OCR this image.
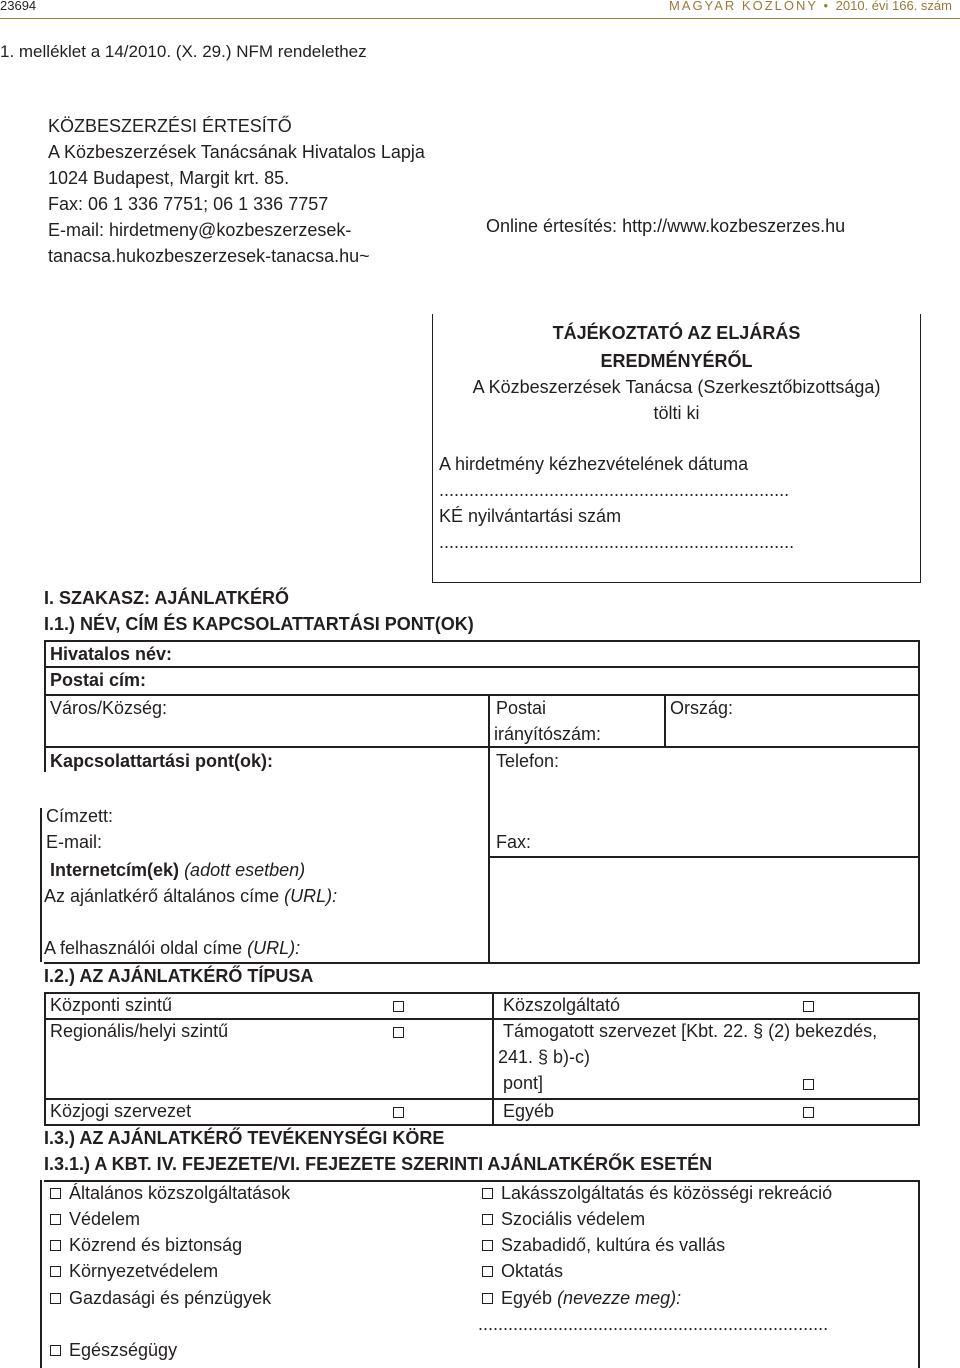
23694	MAGYAR KÖZLÖNY • 2010. évi 166. szám
1. melléklet a 14/2010. (X. 29.) NFM rendelethez
KÖZBESZERZÉSI ÉRTESÍTŐ
A Közbeszerzések Tanácsának Hivatalos Lapja
1024 Budapest, Margit krt. 85.
Fax: 06 1 336 7751; 06 1 336 7757
E-mail: hirdetmeny@kozbeszerzesek-
tanacsa.hukozbeszerzesek-tanacsa.hu~
Online értesítés: http://www.kozbeszerzes.hu
TÁJÉKOZTATÓ AZ ELJÁRÁS
EREDMÉNYÉRŐL
A Közbeszerzések Tanácsa (Szerkesztőbizottsága)
tölti ki
A hirdetmény kézhezvételének dátuma
......................................................................
KÉ nyilvántartási szám
.......................................................................
I. SZAKASZ: AJÁNLATKÉRŐ
I.1.) NÉV, CÍM ÉS KAPCSOLATTARTÁSI PONT(OK)
Hivatalos név:
Postai cím:
Város/Község:	Postai
irányítószám:
Ország:
Kapcsolattartási pont(ok):	Telefon:
Címzett:
E-mail:	Fax:
Internetcím(ek) (adott esetben)
Az ajánlatkérő általános címe (URL):
A felhasználói oldal címe (URL):
I.2.) AZ AJÁNLATKÉRŐ TÍPUSA
Központi szintű	Közszolgáltató
Regionális/helyi szintű	Támogatott szervezet [Kbt. 22. § (2) bekezdés,
241. § b)-c)
pont]
Közjogi szervezet	Egyéb
I.3.) AZ AJÁNLATKÉRŐ TEVÉKENYSÉGI KÖRE
I.3.1.) A KBT. IV. FEJEZETE/VI. FEJEZETE SZERINTI AJÁNLATKÉRŐK ESETÉN
Általános közszolgáltatások
Védelem
Közrend és biztonság
Környezetvédelem
Gazdasági és pénzügyek
Egészségügy
Lakásszolgáltatás és közösségi rekreáció
Szociális védelem
Szabadidő, kultúra és vallás
Oktatás
Egyéb (nevezze meg):
......................................................................
